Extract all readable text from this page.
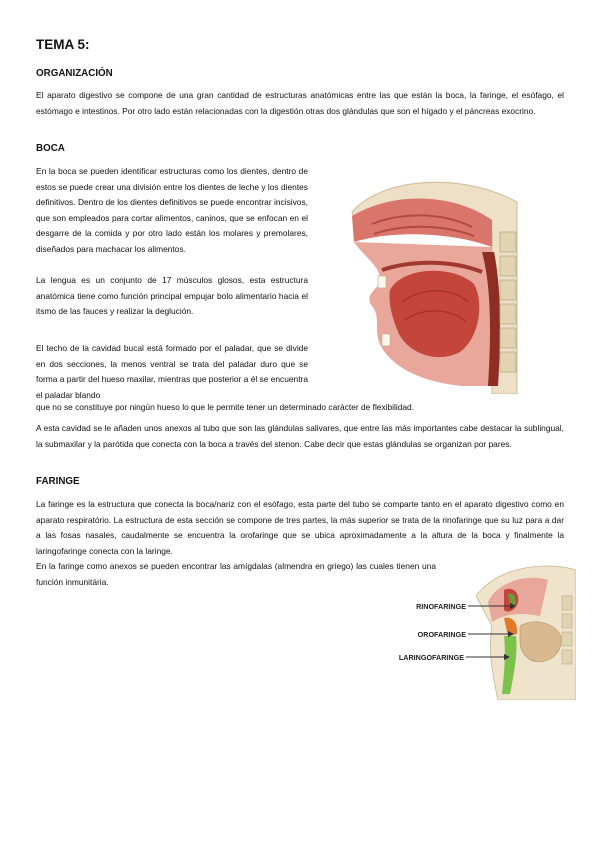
TEMA 5:
ORGANIZACIÓN
El aparato digestivo se compone de una gran cantidad de estructuras anatómicas entre las que están la boca, la faringe, el esófago, el estómago e intestinos. Por otro lado están relacionadas con la digestión otras dos glándulas que son el hígado y el páncreas exocrino.
BOCA
En la boca se pueden identificar estructuras como los dientes, dentro de estos se puede crear una división entre los dientes de leche y los dientes definitivos. Dentro de los dientes definitivos se puede encontrar incisivos, que son empleados para cortar alimentos, caninos, que se enfocan en el desgarre de la comida y por otro lado están los molares y premolares, diseñados para machacar los alimentos.
La lengua es un conjunto de 17 músculos glosos, esta estructura anatómica tiene como función principal empujar bolo alimentario hacia el itsmo de las fauces y realizar la deglución.
El techo de la cavidad bucal está formado por el paladar, que se divide en dos secciones, la menos ventral se trata del paladar duro que se forma a partir del hueso maxilar, mientras que posterior a él se encuentra el paladar blando
que no se constituye por ningún hueso lo que le permite tener un determinado carácter de flexibilidad.
A esta cavidad se le añaden unos anexos al tubo que son las glándulas salivares, que entre las más importantes cabe destacar la sublingual, la submaxilar y la parótida que conecta con la boca a través del stenon. Cabe decir que estas glándulas se organizan por pares.
FARINGE
La faringe es la estructura que conecta la boca/nariz con el esófago, esta parte del tubo se comparte tanto en el aparato digestivo como en aparato respiratório. La estructura de esta sección se compone de tres partes, la más superior se trata de la rinofaringe que su luz para a dar a las fosas nasales, caudalmente se encuentra la orofaringe que se ubica aproximadamente a la altura de la boca y finalmente la laringofaringe conecta con la laringe.
En la faringe como anexos se pueden encontrar las amígdalas (almendra en griego) las cuales tienen una función inmunitária.
RINOFARINGE
OROFARINGE
LARINGOFARINGE
